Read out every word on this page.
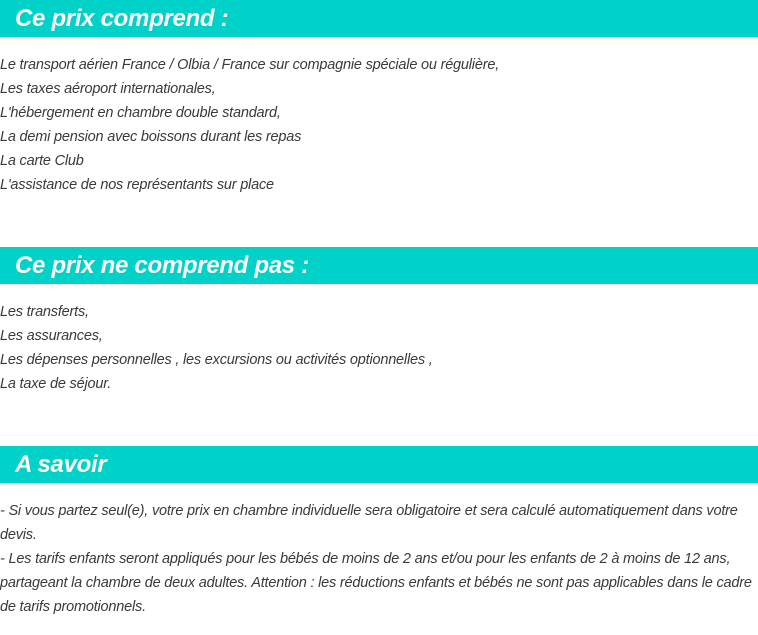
Ce prix comprend :
Le transport aérien France / Olbia / France sur compagnie spéciale ou régulière,
Les taxes aéroport internationales,
L'hébergement en chambre double standard,
La demi pension avec boissons durant les repas
La carte Club
L'assistance de nos représentants sur place
Ce prix ne comprend pas :
Les transferts,
Les assurances,
Les dépenses personnelles , les excursions ou activités optionnelles ,
La taxe de séjour.
A savoir

- Si vous partez seul(e), votre prix en chambre individuelle sera obligatoire et sera calculé automatiquement dans votre devis.

- Les tarifs enfants seront appliqués pour les bébés de moins de 2 ans et/ou pour les enfants de 2 à moins de 12 ans, partageant la chambre de deux adultes. Attention : les réductions enfants et bébés ne sont pas applicables dans le cadre de tarifs promotionnels.
